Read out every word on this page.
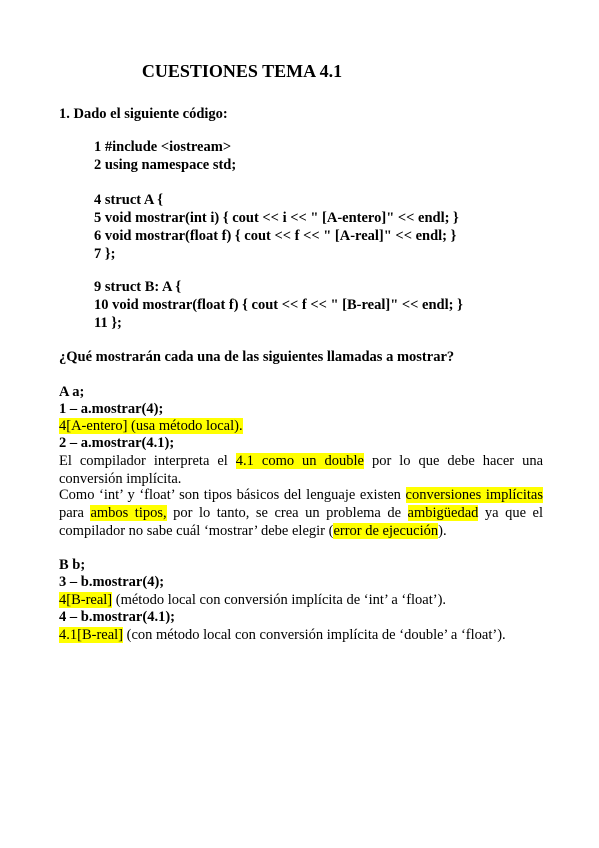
CUESTIONES TEMA 4.1
1. Dado el siguiente código:
1 #include <iostream>
2 using namespace std;
4 struct A {
5 void mostrar(int i) { cout << i << " [A-entero]" << endl; }
6 void mostrar(float f) { cout << f << " [A-real]" << endl; }
7 };
9 struct B: A {
10 void mostrar(float f) { cout << f << " [B-real]" << endl; }
11 };
¿Qué mostrarán cada una de las siguientes llamadas a mostrar?
A a;
1 – a.mostrar(4);
4[A-entero] (usa método local).
2 – a.mostrar(4.1);
El compilador interpreta el 4.1 como un double por lo que debe hacer una conversión implícita.
Como ‘int’ y ‘float’ son tipos básicos del lenguaje existen conversiones implícitas para ambos tipos, por lo tanto, se crea un problema de ambigüedad ya que el compilador no sabe cuál ‘mostrar’ debe elegir (error de ejecución).
B b;
3 – b.mostrar(4);
4[B-real] (método local con conversión implícita de ‘int’ a ‘float’).
4 – b.mostrar(4.1);
4.1[B-real] (con método local con conversión implícita de ‘double’ a ‘float’).
